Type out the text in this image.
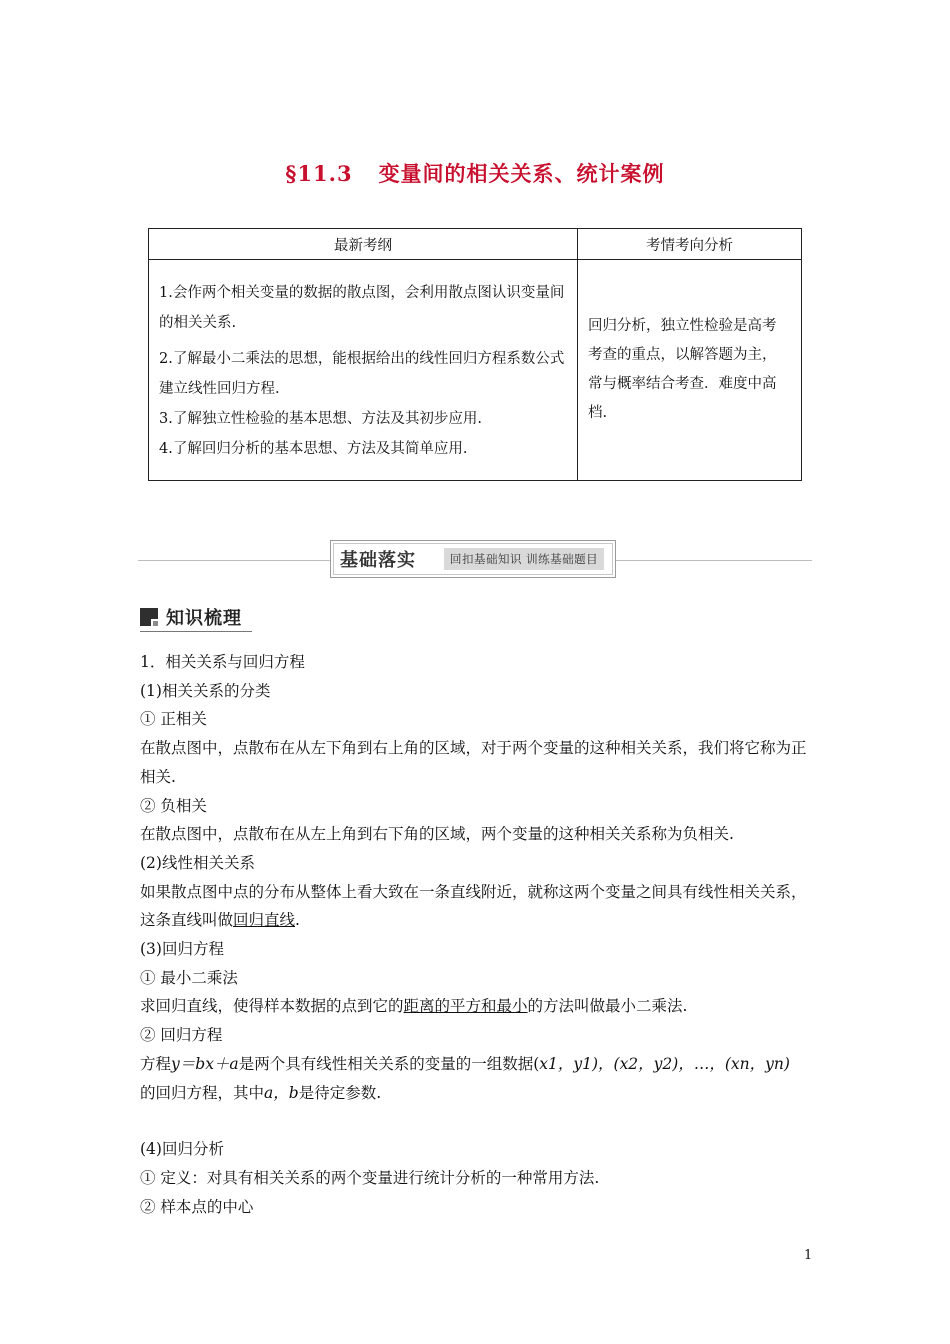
§11.3 变量间的相关关系、统计案例
最新考纲	考情考向分析

1.会作两个相关变量的数据的散点图，会利用散点图认识变量间的相关关系.
2.了解最小二乘法的思想，能根据给出的线性回归方程系数公式建立线性回归方程.
3.了解独立性检验的基本思想、方法及其初步应用.
4.了解回归分析的基本思想、方法及其简单应用.	回归分析，独立性检验是高考考查的重点，以解答题为主，常与概率结合考查．难度中高档.
基础落实	回扣基础知识 训练基础题目
知识梳理

1．相关关系与回归方程

(1)相关关系的分类

① 正相关

在散点图中，点散布在从左下角到右上角的区域，对于两个变量的这种相关关系，我们将它称为正相关.

② 负相关

在散点图中，点散布在从左上角到右下角的区域，两个变量的这种相关关系称为负相关.

(2)线性相关关系

如果散点图中点的分布从整体上看大致在一条直线附近，就称这两个变量之间具有线性相关关系，这条直线叫做回归直线.

(3)回归方程

① 最小二乘法

求回归直线，使得样本数据的点到它的距离的平方和最小的方法叫做最小二乘法.

② 回归方程

方程y＝bx＋a是两个具有线性相关关系的变量的一组数据(x1，y1)，(x2，y2)，…，(xn，yn)

的回归方程，其中a，b是待定参数.

(4)回归分析

① 定义：对具有相关关系的两个变量进行统计分析的一种常用方法.

② 样本点的中心

1
